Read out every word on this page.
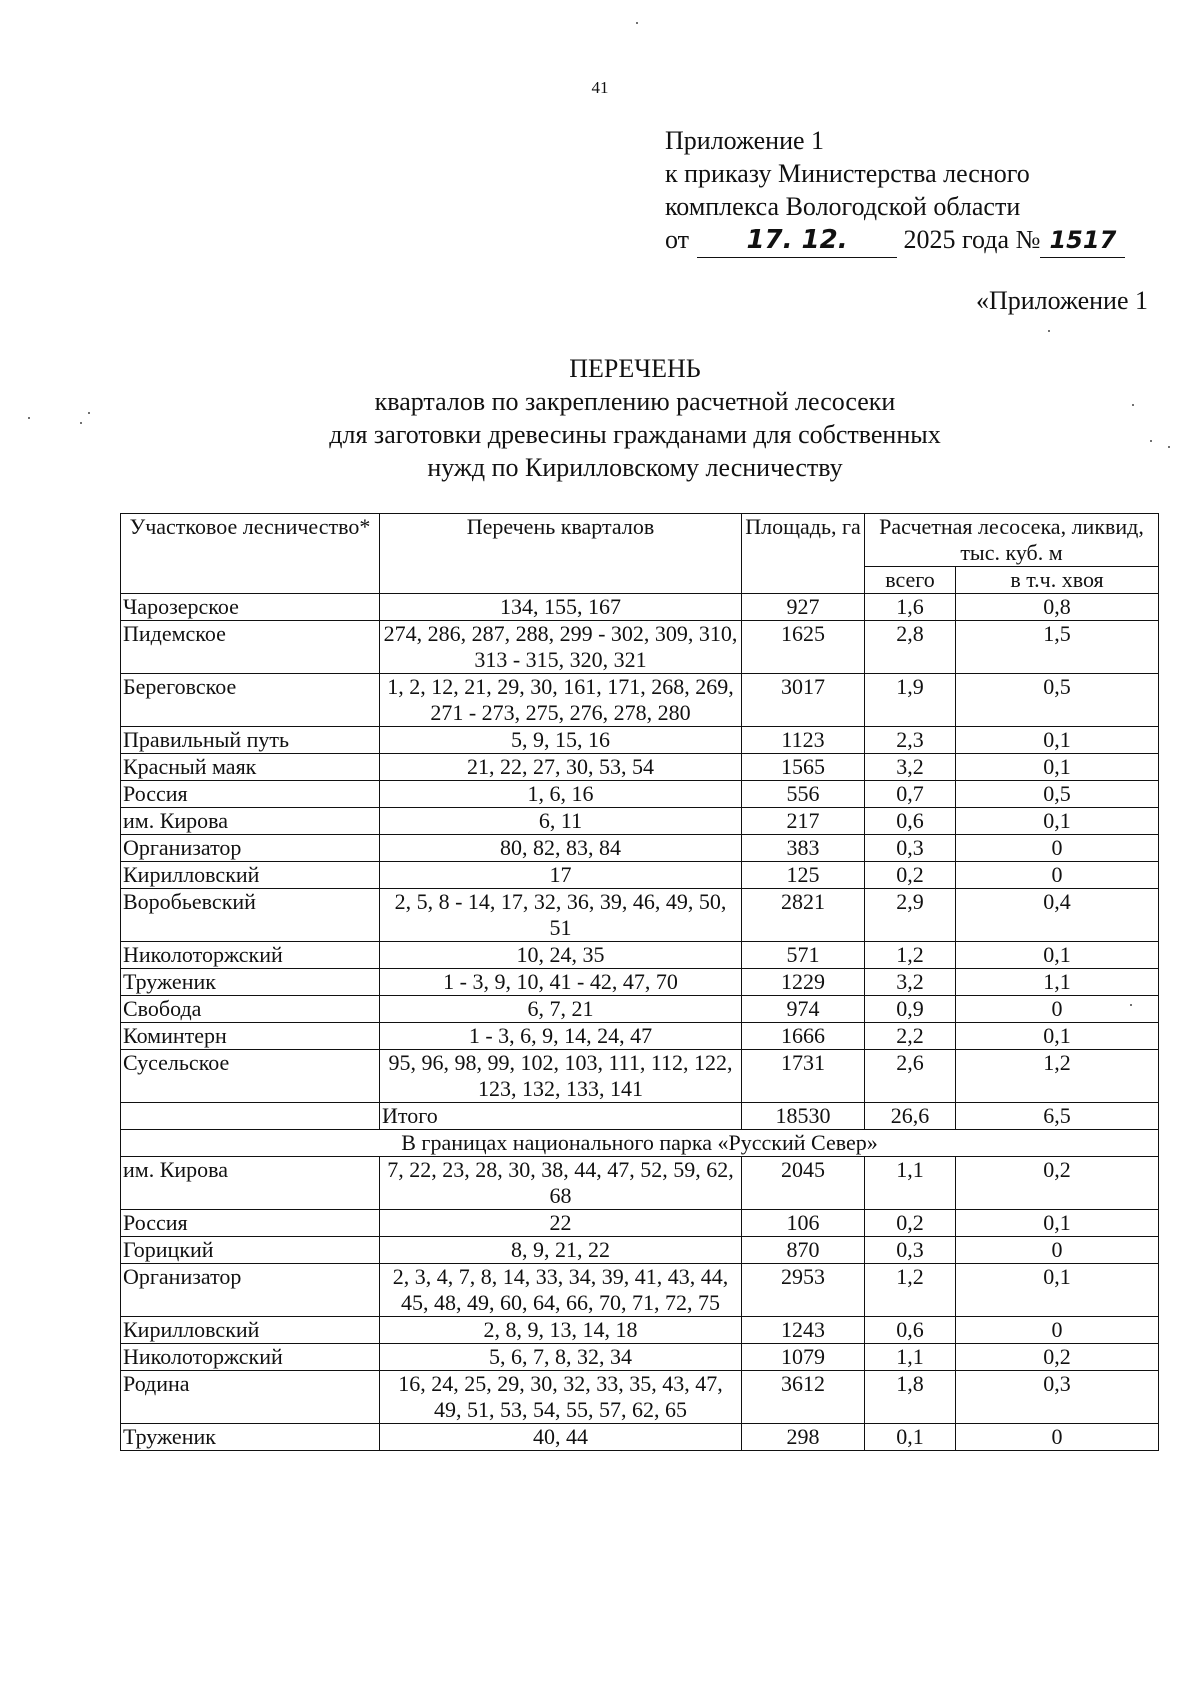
41
Приложение 1
к приказу Министерства лесного
комплекса Вологодской области
от 17. 12. 2025 года № 1517
«Приложение 1
ПЕРЕЧЕНЬ
кварталов по закреплению расчетной лесосеки
для заготовки древесины гражданами для собственных
нужд по Кирилловскому лесничеству
Участковое лесничество*	Перечень кварталов	Площадь, га	Расчетная лесосека, ликвид, тыс. куб. м	
			всего	в т.ч. хвоя
Чарозерское	134, 155, 167	927	1,6	0,8
Пидемское	274, 286, 287, 288, 299 - 302, 309, 310, 313 - 315, 320, 321	1625	2,8	1,5
Береговское	1, 2, 12, 21, 29, 30, 161, 171, 268, 269, 271 - 273, 275, 276, 278, 280	3017	1,9	0,5
Правильный путь	5, 9, 15, 16	1123	2,3	0,1
Красный маяк	21, 22, 27, 30, 53, 54	1565	3,2	0,1
Россия	1, 6, 16	556	0,7	0,5
им. Кирова	6, 11	217	0,6	0,1
Организатор	80, 82, 83, 84	383	0,3	0
Кирилловский	17	125	0,2	0
Воробьевский	2, 5, 8 - 14, 17, 32, 36, 39, 46, 49, 50, 51	2821	2,9	0,4
Николоторжский	10, 24, 35	571	1,2	0,1
Труженик	1 - 3, 9, 10, 41 - 42, 47, 70	1229	3,2	1,1
Свобода	6, 7, 21	974	0,9	0
Коминтерн	1 - 3, 6, 9, 14, 24, 47	1666	2,2	0,1
Сусельское	95, 96, 98, 99, 102, 103, 111, 112, 122, 123, 132, 133, 141	1731	2,6	1,2
	Итого	18530	26,6	6,5
В границах национального парка «Русский Север»				
им. Кирова	7, 22, 23, 28, 30, 38, 44, 47, 52, 59, 62, 68	2045	1,1	0,2
Россия	22	106	0,2	0,1
Горицкий	8, 9, 21, 22	870	0,3	0
Организатор	2, 3, 4, 7, 8, 14, 33, 34, 39, 41, 43, 44, 45, 48, 49, 60, 64, 66, 70, 71, 72, 75	2953	1,2	0,1
Кирилловский	2, 8, 9, 13, 14, 18	1243	0,6	0
Николоторжский	5, 6, 7, 8, 32, 34	1079	1,1	0,2
Родина	16, 24, 25, 29, 30, 32, 33, 35, 43, 47, 49, 51, 53, 54, 55, 57, 62, 65	3612	1,8	0,3
Труженик	40, 44	298	0,1	0
